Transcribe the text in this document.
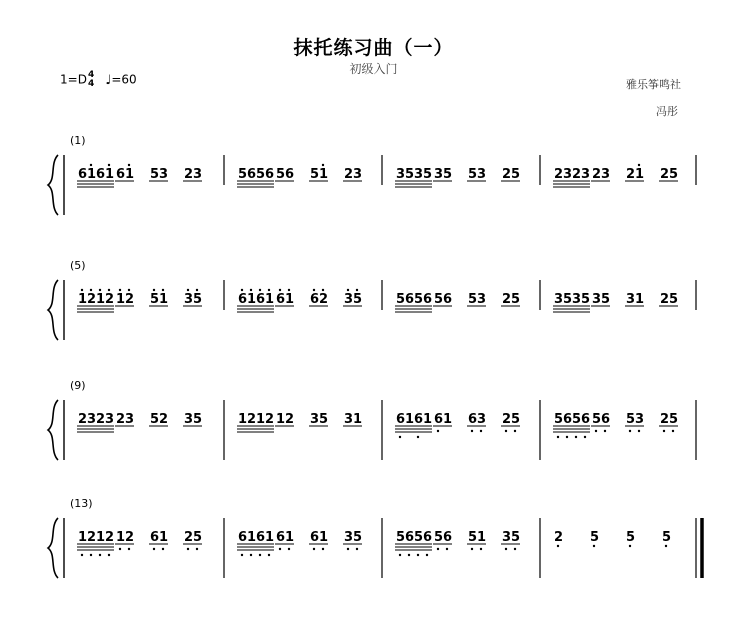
抹托练习曲（一）
初级入门
1=D4
4 ♩=60	雅乐筝鸣社
冯彤
(1)
6 1 6 1 6 1 5 3 2 3	5 6 5 6 5 6 5 1 2 3	3 5 3 5 3 5 5 3 2 5	2 3 2 3 2 3 2 1 2 5
(5)
1 2 1 2 1 2 5 1 3 5	6 1 6 1 6 1 6 2 3 5	5 6 5 6 5 6 5 3 2 5	3 5 3 5 3 5 3 1 2 5
(9)
2 3 2 3 2 3 5 2 3 5	1 2 1 2 1 2 3 5 3 1	6 1 6 1 6 1 6 3 2 5	5 6 5 6 5 6 5 3 2 5
(13)
1 2 1 2 1 2 6 1 2 5	6 1 6 1 6 1 6 1 3 5	5 6 5 6 5 6 5 1 3 5	2 5 5 5
